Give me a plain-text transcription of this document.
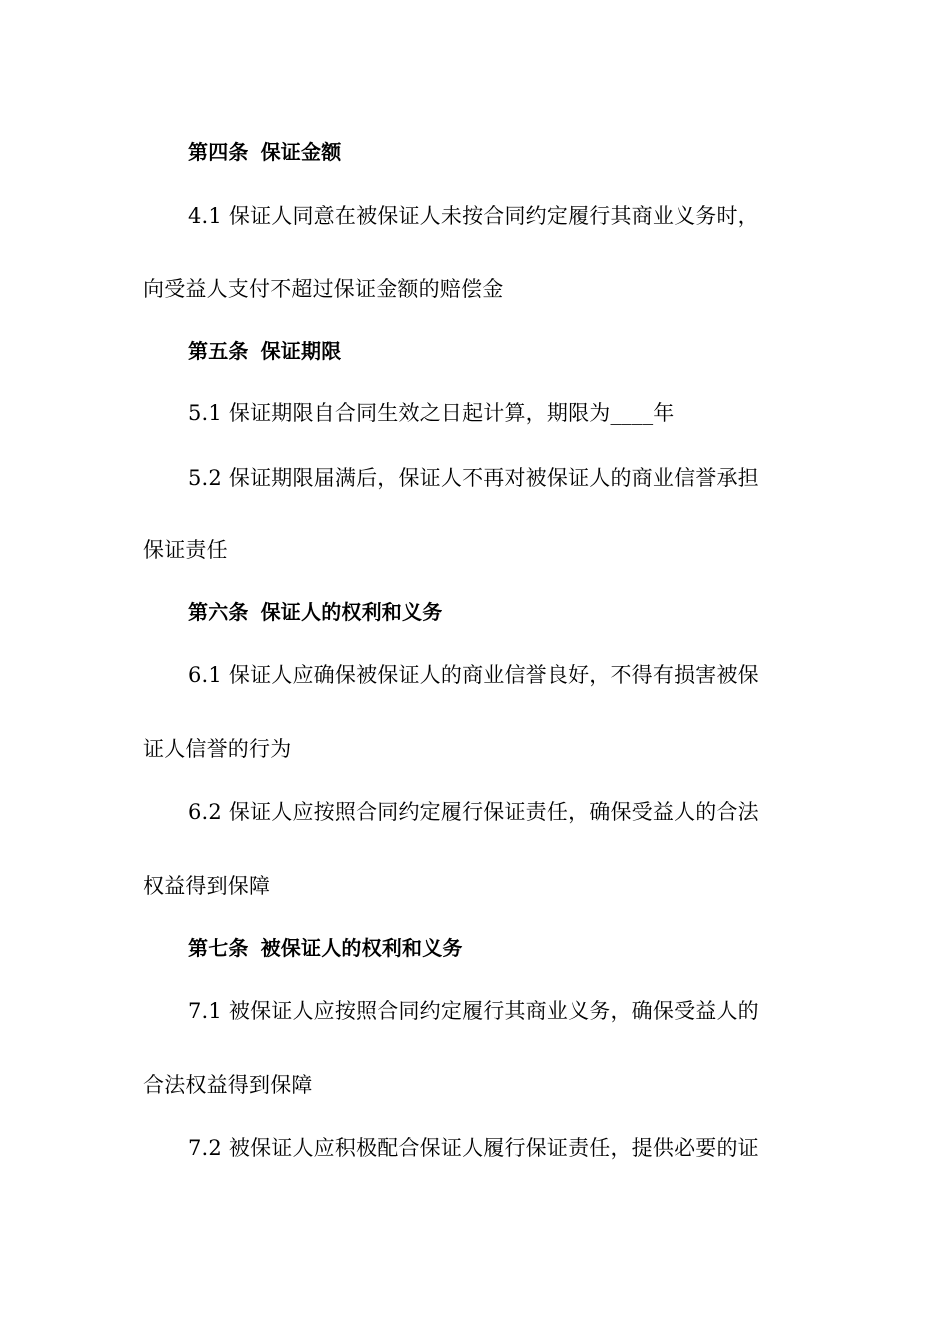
第四条 保证金额
4.1 保证人同意在被保证人未按合同约定履行其商业义务时，
向受益人支付不超过保证金额的赔偿金
第五条 保证期限
5.1 保证期限自合同生效之日起计算，期限为____年
5.2 保证期限届满后，保证人不再对被保证人的商业信誉承担
保证责任
第六条 保证人的权利和义务
6.1 保证人应确保被保证人的商业信誉良好，不得有损害被保
证人信誉的行为
6.2 保证人应按照合同约定履行保证责任，确保受益人的合法
权益得到保障
第七条 被保证人的权利和义务
7.1 被保证人应按照合同约定履行其商业义务，确保受益人的
合法权益得到保障
7.2 被保证人应积极配合保证人履行保证责任，提供必要的证
